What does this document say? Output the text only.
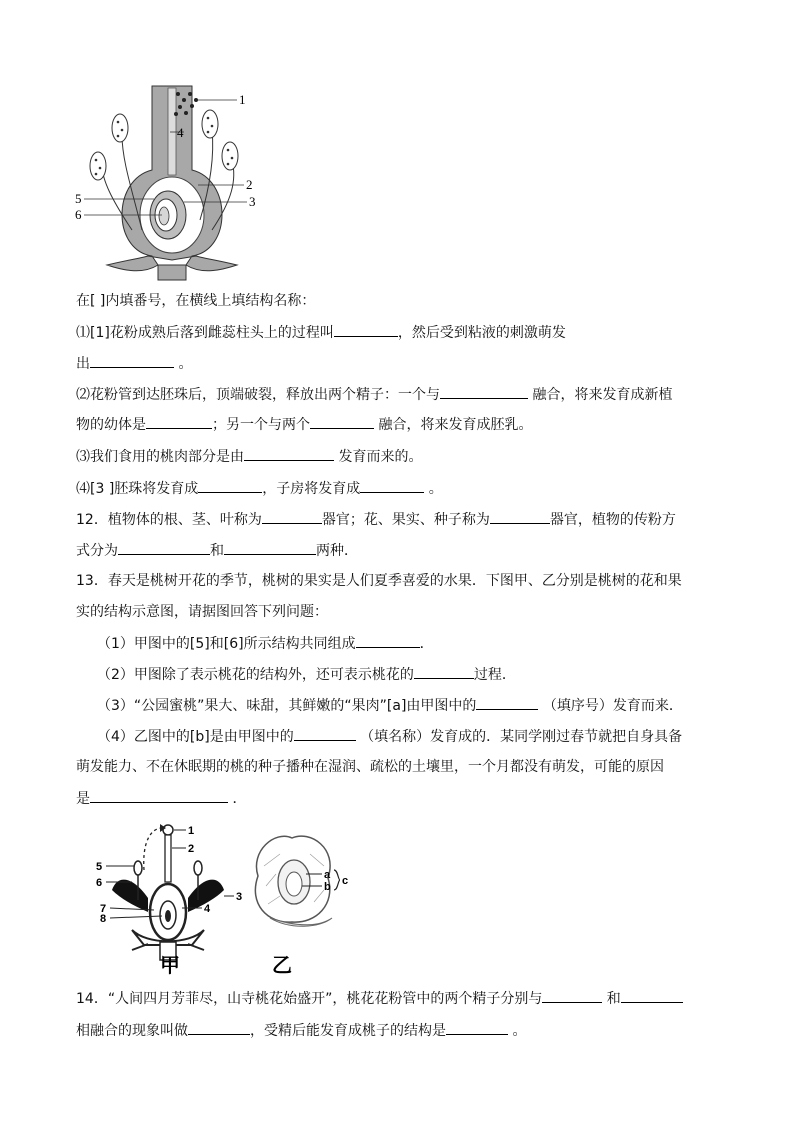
1
4
2
3
5
6
在[ ]内填番号，在横线上填结构名称：
⑴[1]花粉成熟后落到雌蕊柱头上的过程叫	，然后受到粘液的刺激萌发
出	。
⑵花粉管到达胚珠后，顶端破裂，释放出两个精子：一个与	融合，将来发育成新植
物的幼体是	；另一个与两个	融合，将来发育成胚乳。
⑶我们食用的桃肉部分是由	发育而来的。
⑷[3 ]胚珠将发育成	，子房将发育成	。
12．植物体的根、茎、叶称为	器官；花、果实、种子称为	器官，植物的传粉方
式分为	和	两种．
13．春天是桃树开花的季节，桃树的果实是人们夏季喜爱的水果．下图甲、乙分别是桃树的花和果
实的结构示意图，请据图回答下列问题：
（1）甲图中的[5]和[6]所示结构共同组成	．
（2）甲图除了表示桃花的结构外，还可表示桃花的	过程．
（3）“公园蜜桃”果大、味甜，其鲜嫩的“果肉”[a]由甲图中的	（填序号）发育而来．
（4）乙图中的[b]是由甲图中的	（填名称）发育成的．某同学刚过春节就把自身具备
萌发能力、不在休眠期的桃的种子播种在湿润、疏松的土壤里，一个月都没有萌发，可能的原因
是	．
1
2
5
6
3
4
7
8
甲
a
b c
乙
14．“人间四月芳菲尽，山寺桃花始盛开”，桃花花粉管中的两个精子分别与	和
相融合的现象叫做	，受精后能发育成桃子的结构是	。
